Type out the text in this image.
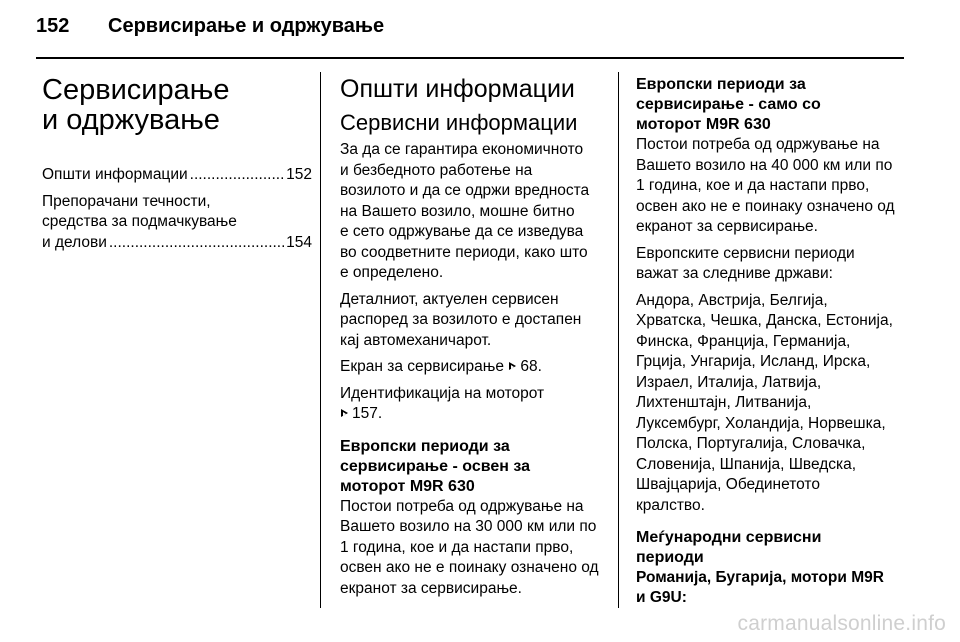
152 Сервисирање и одржување
Сервисирање
и одржување
Општи информации .....	152
Препорачани течности,
средства за подмачкување
и делови .....	154
Општи информации
Сервисни информации

За да се гарантира економичното
и безбедното работење на
возилото и да се одржи вредноста
на Вашето возило, мошне битно
е сето одржување да се изведува
во соодветните периоди, како што
е определено.

Деталниот, актуелен сервисен
распоред за возилото е достапен
кај автомеханичарот.

Екран за сервисирање 68.

Идентификација на моторот
157.

Европски периоди за
сервисирање - освен за
моторот M9R 630

Постои потреба од одржување на
Вашето возило на 30 000 км или по
1 година, кое и да настапи прво,
освен ако не е поинаку означено од
екранот за сервисирање.

Европски периоди за
сервисирање - само со
моторот M9R 630

Постои потреба од одржување на
Вашето возило на 40 000 км или по
1 година, кое и да настапи прво,
освен ако не е поинаку означено од
екранот за сервисирање.

Европските сервисни периоди
важат за следниве држави:

Андора, Австрија, Белгија,
Хрватска, Чешка, Данска, Естонија,
Финска, Франција, Германија,
Грција, Унгарија, Исланд, Ирска,
Израел, Италија, Латвија,
Лихтенштајн, Литванија,
Луксембург, Холандија, Норвешка,
Полска, Португалија, Словачка,
Словенија, Шпанија, Шведска,
Швајцарија, Обединетото
кралство.

Меѓународни сервисни
периоди
Романија, Бугарија, мотори M9R
и G9U:
carmanualsonline.info
